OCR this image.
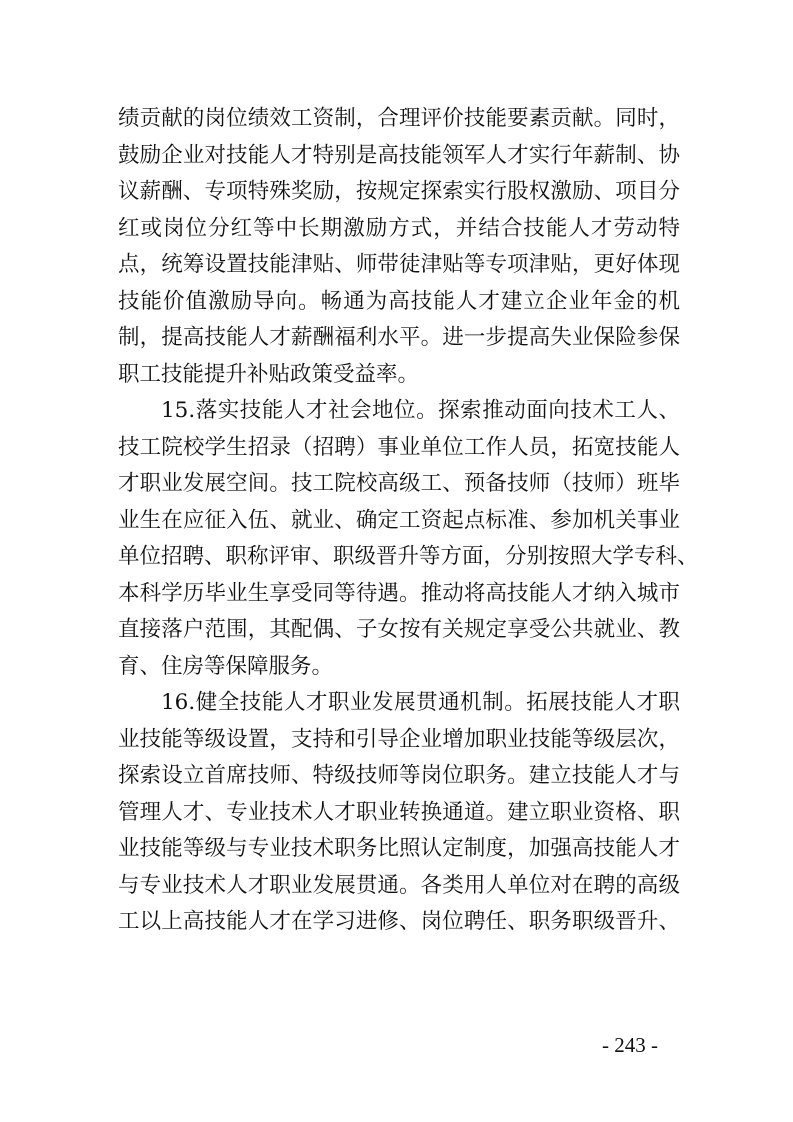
绩贡献的岗位绩效工资制，合理评价技能要素贡献。同时，
鼓励企业对技能人才特别是高技能领军人才实行年薪制、协
议薪酬、专项特殊奖励，按规定探索实行股权激励、项目分
红或岗位分红等中长期激励方式，并结合技能人才劳动特
点，统筹设置技能津贴、师带徒津贴等专项津贴，更好体现
技能价值激励导向。畅通为高技能人才建立企业年金的机
制，提高技能人才薪酬福利水平。进一步提高失业保险参保
职工技能提升补贴政策受益率。
15.落实技能人才社会地位。探索推动面向技术工人、
技工院校学生招录（招聘）事业单位工作人员，拓宽技能人
才职业发展空间。技工院校高级工、预备技师（技师）班毕
业生在应征入伍、就业、确定工资起点标准、参加机关事业
单位招聘、职称评审、职级晋升等方面，分别按照大学专科、
本科学历毕业生享受同等待遇。推动将高技能人才纳入城市
直接落户范围，其配偶、子女按有关规定享受公共就业、教
育、住房等保障服务。
16.健全技能人才职业发展贯通机制。拓展技能人才职
业技能等级设置，支持和引导企业增加职业技能等级层次，
探索设立首席技师、特级技师等岗位职务。建立技能人才与
管理人才、专业技术人才职业转换通道。建立职业资格、职
业技能等级与专业技术职务比照认定制度，加强高技能人才
与专业技术人才职业发展贯通。各类用人单位对在聘的高级
工以上高技能人才在学习进修、岗位聘任、职务职级晋升、
- 243 -
